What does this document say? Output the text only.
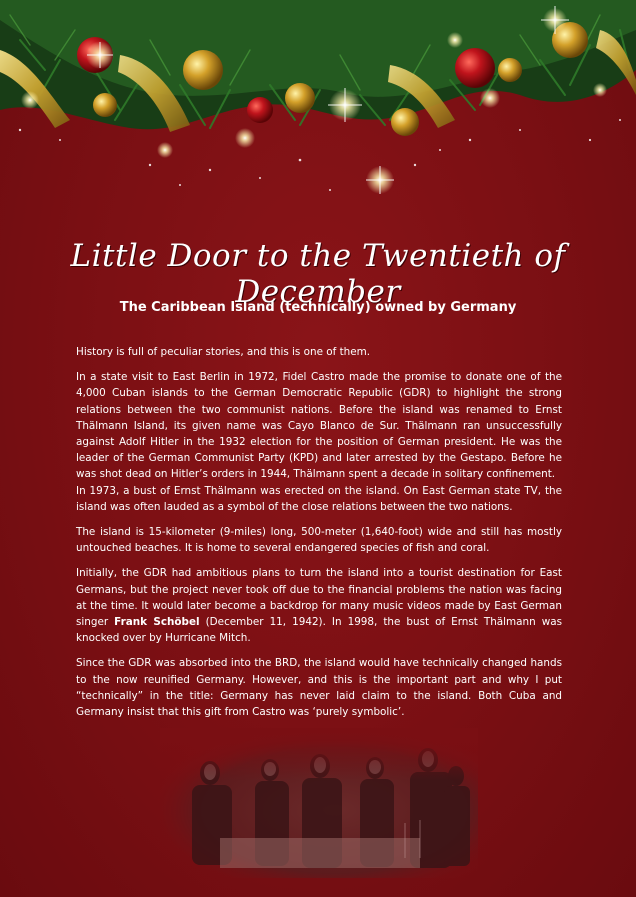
Little Door to the Twentieth of December
The Caribbean Island (technically) owned by Germany

History is full of peculiar stories, and this is one of them.

In a state visit to East Berlin in 1972, Fidel Castro made the promise to donate one of the 4,000 Cuban islands to the German Democratic Republic (GDR) to highlight the strong relations between the two communist nations. Before the island was renamed to Ernst Thälmann Island, its given name was Cayo Blanco de Sur. Thälmann ran unsuccessfully against Adolf Hitler in the 1932 election for the position of German president. He was the leader of the German Communist Party (KPD) and later arrested by the Gestapo. Before he was shot dead on Hitler’s orders in 1944, Thälmann spent a decade in solitary confinement.

In 1973, a bust of Ernst Thälmann was erected on the island. On East German state TV, the island was often lauded as a symbol of the close relations between the two nations.

The island is 15-kilometer (9-miles) long, 500-meter (1,640-foot) wide and still has mostly untouched beaches. It is home to several endangered species of fish and coral.

Initially, the GDR had ambitious plans to turn the island into a tourist destination for East Germans, but the project never took off due to the financial problems the nation was facing at the time. It would later become a backdrop for many music videos made by East German singer Frank Schöbel (December 11, 1942). In 1998, the bust of Ernst Thälmann was knocked over by Hurricane Mitch.

Since the GDR was absorbed into the BRD, the island would have technically changed hands to the now reunified Germany. However, and this is the important part and why I put “technically” in the title: Germany has never laid claim to the island. Both Cuba and Germany insist that this gift from Castro was ‘purely symbolic’.
